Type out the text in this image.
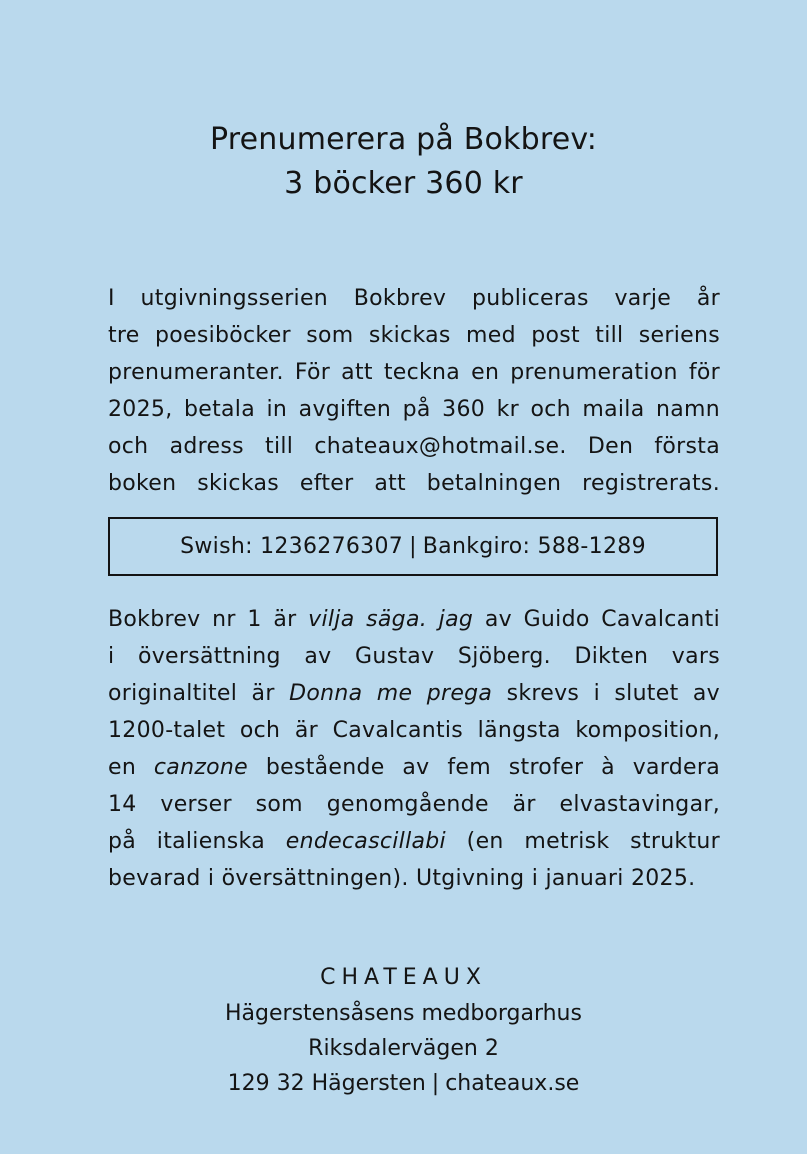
Prenumerera på Bokbrev:
3 böcker 360 kr
I utgivningsserien Bokbrev publiceras varje år
tre poesiböcker som skickas med post till seriens
prenumeranter. För att teckna en prenumeration för
2025, betala in avgiften på 360 kr och maila namn
och adress till chateaux@hotmail.se. Den första
boken skickas efter att betalningen registrerats.
Swish: 1236276307 | Bankgiro: 588-1289
Bokbrev nr 1 är vilja säga. jag av Guido Cavalcanti
i översättning av Gustav Sjöberg. Dikten vars
originaltitel är Donna me prega skrevs i slutet av
1200-talet och är Cavalcantis längsta komposition,
en canzone bestående av fem strofer à vardera
14 verser som genomgående är elvastavingar,
på italienska endecascillabi (en metrisk struktur
bevarad i översättningen). Utgivning i januari 2025.
CHATEAUX
Hägerstensåsens medborgarhus
Riksdalervägen 2
129 32 Hägersten | chateaux.se
